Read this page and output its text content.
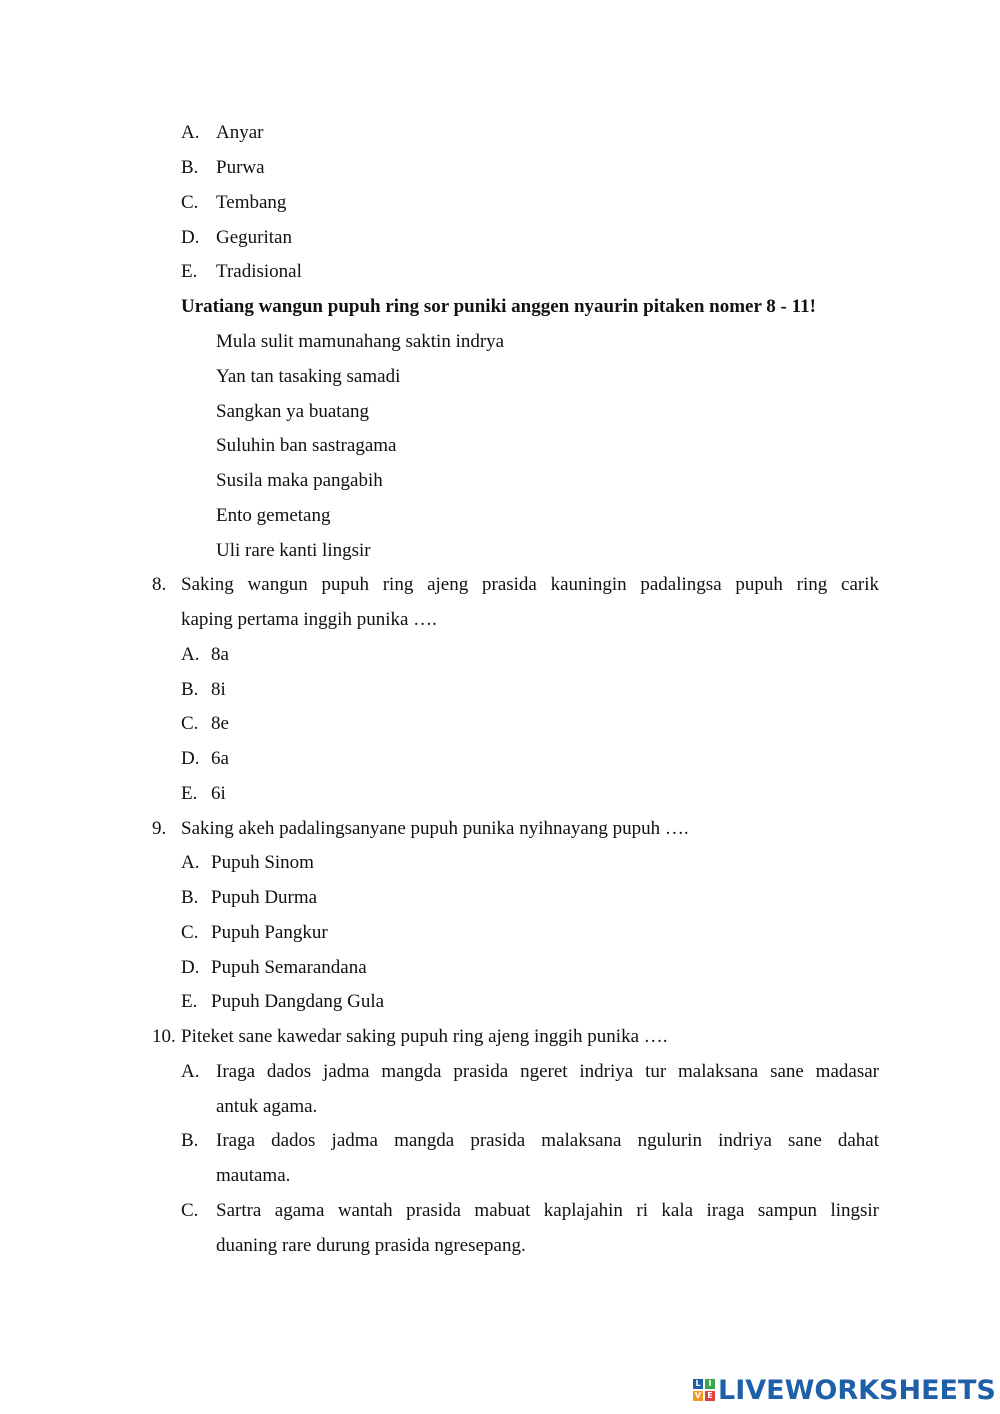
A. Anyar
B. Purwa
C. Tembang
D. Geguritan
E. Tradisional
Uratiang wangun pupuh ring sor puniki anggen nyaurin pitaken nomer 8 - 11!
Mula sulit mamunahang saktin indrya
Yan tan tasaking samadi
Sangkan ya buatang
Suluhin ban sastragama
Susila maka pangabih
Ento gemetang
Uli rare kanti lingsir
8. Saking wangun pupuh ring ajeng prasida kauningin padalingsa pupuh ring carik
kaping pertama inggih punika ….
A. 8a
B. 8i
C. 8e
D. 6a
E. 6i
9. Saking akeh padalingsanyane pupuh punika nyihnayang pupuh ….
A. Pupuh Sinom
B. Pupuh Durma
C. Pupuh Pangkur
D. Pupuh Semarandana
E. Pupuh Dangdang Gula
10. Piteket sane kawedar saking pupuh ring ajeng inggih punika ….
A. Iraga dados jadma mangda prasida ngeret indriya tur malaksana sane madasar
antuk agama.
B. Iraga dados jadma mangda prasida malaksana ngulurin indriya sane dahat
mautama.
C. Sartra agama wantah prasida mabuat kaplajahin ri kala iraga sampun lingsir
duaning rare durung prasida ngresepang.
L I
V E LIVEWORKSHEETS
